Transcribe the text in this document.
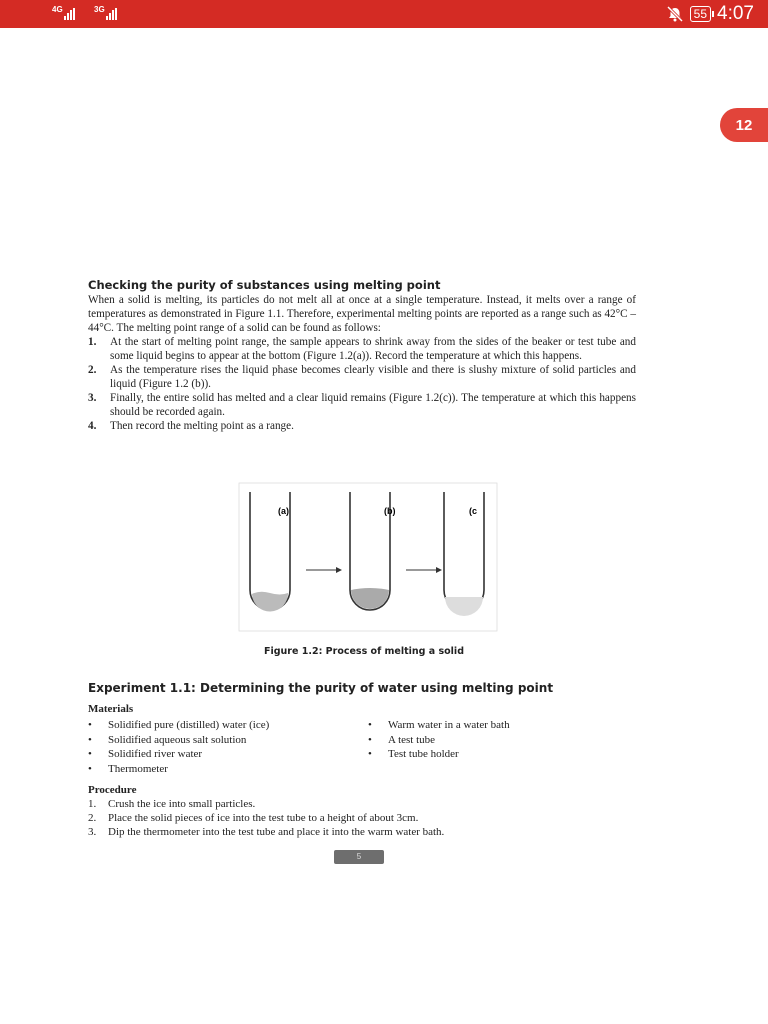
4G	3G	55 4:07
12
Checking the purity of substances using melting point

When a solid is melting, its particles do not melt all at once at a single temperature. Instead, it melts over a range of temperatures as demonstrated in Figure 1.1. Therefore, experimental melting points are reported as a range such as 42°C – 44°C. The melting point range of a solid can be found as follows:

1. At the start of melting point range, the sample appears to shrink away from the sides of the beaker or test tube and some liquid begins to appear at the bottom (Figure 1.2(a)). Record the temperature at which this happens.
2. As the temperature rises the liquid phase becomes clearly visible and there is slushy mixture of solid particles and liquid (Figure 1.2 (b)).
3. Finally, the entire solid has melted and a clear liquid remains (Figure 1.2(c)). The temperature at which this happens should be recorded again.
4. Then record the melting point as a range.
(a)	(b)	(c
Figure 1.2: Process of melting a solid
Experiment 1.1: Determining the purity of water using melting point
Materials
• Solidified pure (distilled) water (ice)
• Solidified aqueous salt solution
• Solidified river water
• Thermometer
• Warm water in a water bath
• A test tube
• Test tube holder
Procedure
1. Crush the ice into small particles.
2. Place the solid pieces of ice into the test tube to a height of about 3cm.
3. Dip the thermometer into the test tube and place it into the warm water bath.
5
